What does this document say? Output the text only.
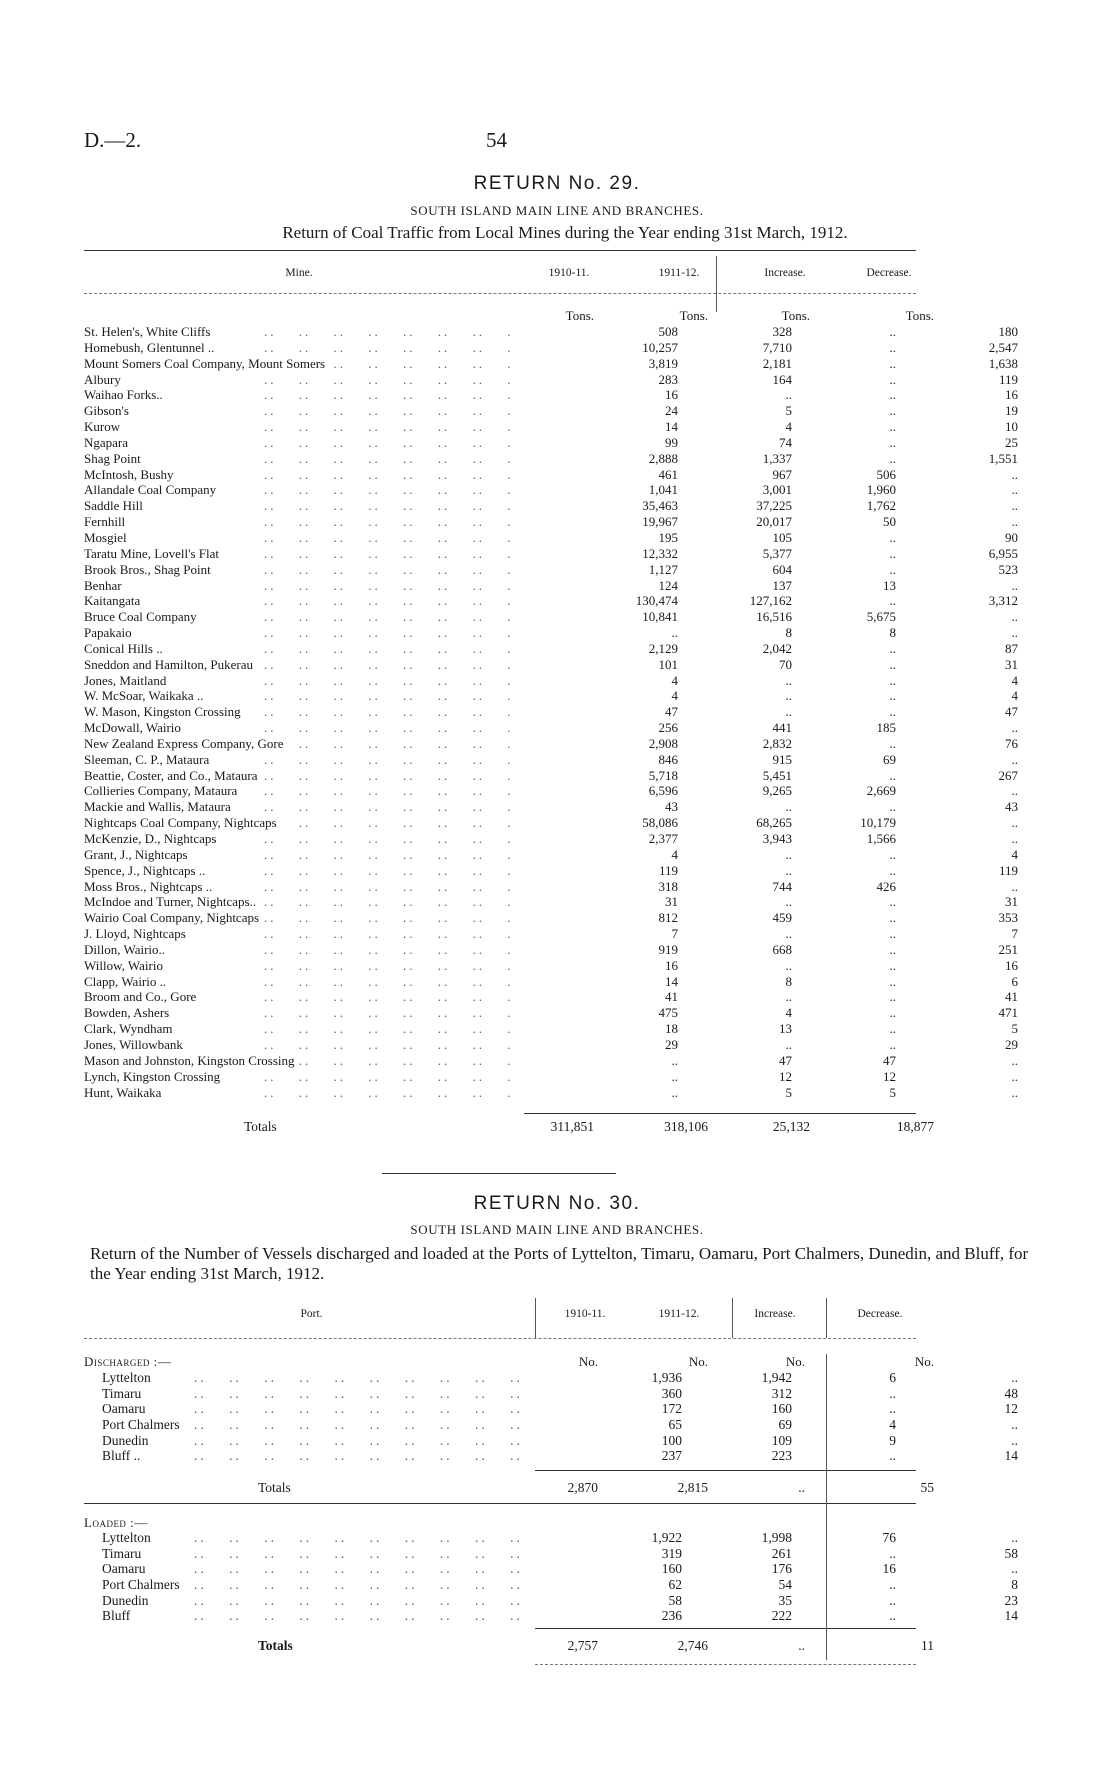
D.—2.	54
RETURN No. 29.
SOUTH ISLAND MAIN LINE AND BRANCHES.
Return of Coal Traffic from Local Mines during the Year ending 31st March, 1912.
Mine.	1910-11.	1911-12.	Increase.	Decrease.
Tons.	Tons.	Tons.	Tons.
St. Helen's, White Cliffs .. ..	508	328	..	180
Homebush, Glentunnel .. .. ..	10,257	7,710	..	2,547
Mount Somers Coal Company, Mount Somers .. ..	3,819	2,181	..	1,638
Albury .. ..	283	164	..	119
Waihao Forks.. .. ..	16	..	..	16
Gibson's .. ..	24	5	..	19
Kurow .. ..	14	4	..	10
Ngapara .. ..	99	74	..	25
Shag Point .. ..	2,888	1,337	..	1,551
McIntosh, Bushy .. ..	461	967	506	..
Allandale Coal Company .. ..	1,041	3,001	1,960	..
Saddle Hill .. ..	35,463	37,225	1,762	..
Fernhill .. ..	19,967	20,017	50	..
Mosgiel .. ..	195	105	..	90
Taratu Mine, Lovell's Flat .. ..	12,332	5,377	..	6,955
Brook Bros., Shag Point .. ..	1,127	604	..	523
Benhar .. ..	124	137	13	..
Kaitangata .. ..	130,474	127,162	..	3,312
Bruce Coal Company .. ..	10,841	16,516	5,675	..
Papakaio .. ..	..	8	8	..
Conical Hills .. .. ..	2,129	2,042	..	87
Sneddon and Hamilton, Pukerau .. ..	101	70	..	31
Jones, Maitland .. ..	4	..	..	4
W. McSoar, Waikaka .. .. ..	4	..	..	4
W. Mason, Kingston Crossing .. ..	47	..	..	47
McDowall, Wairio .. ..	256	441	185	..
New Zealand Express Company, Gore .. ..	2,908	2,832	..	76
Sleeman, C. P., Mataura .. ..	846	915	69	..
Beattie, Coster, and Co., Mataura .. ..	5,718	5,451	..	267
Collieries Company, Mataura .. ..	6,596	9,265	2,669	..
Mackie and Wallis, Mataura .. ..	43	..	..	43
Nightcaps Coal Company, Nightcaps .. ..	58,086	68,265	10,179	..
McKenzie, D., Nightcaps .. ..	2,377	3,943	1,566	..
Grant, J., Nightcaps .. ..	4	..	..	4
Spence, J., Nightcaps .. .. ..	119	..	..	119
Moss Bros., Nightcaps .. .. ..	318	744	426	..
McIndoe and Turner, Nightcaps.. .. ..	31	..	..	31
Wairio Coal Company, Nightcaps .. ..	812	459	..	353
J. Lloyd, Nightcaps .. ..	7	..	..	7
Dillon, Wairio.. .. ..	919	668	..	251
Willow, Wairio .. ..	16	..	..	16
Clapp, Wairio .. .. ..	14	8	..	6
Broom and Co., Gore .. ..	41	..	..	41
Bowden, Ashers .. ..	475	4	..	471
Clark, Wyndham .. ..	18	13	..	5
Jones, Willowbank .. ..	29	..	..	29
Mason and Johnston, Kingston Crossing .. ..	..	47	47	..
Lynch, Kingston Crossing .. ..	..	12	12	..
Hunt, Waikaka .. ..	..	5	5	..
Totals	311,851	318,106	25,132	18,877
RETURN No. 30.
SOUTH ISLAND MAIN LINE AND BRANCHES.
Return of the Number of Vessels discharged and loaded at the Ports of Lyttelton, Timaru, Oamaru, Port Chalmers, Dunedin, and Bluff, for the Year ending 31st March, 1912.
Port.	1910-11.	1911-12.	Increase.	Decrease.
No.	No.	No.	No.
Discharged :—
Lyttelton .. ..	1,936	1,942	6	..
Timaru .. ..	360	312	..	48
Oamaru .. ..	172	160	..	12
Port Chalmers .. ..	65	69	4	..
Dunedin .. ..	100	109	9	..
Bluff .. .. ..	237	223	..	14
Totals	2,870	2,815	..	55
Loaded :—
Lyttelton .. ..	1,922	1,998	76	..
Timaru .. ..	319	261	..	58
Oamaru .. ..	160	176	16	..
Port Chalmers .. ..	62	54	..	8
Dunedin .. ..	58	35	..	23
Bluff .. ..	236	222	..	14
Totals	2,757	2,746	..	11
